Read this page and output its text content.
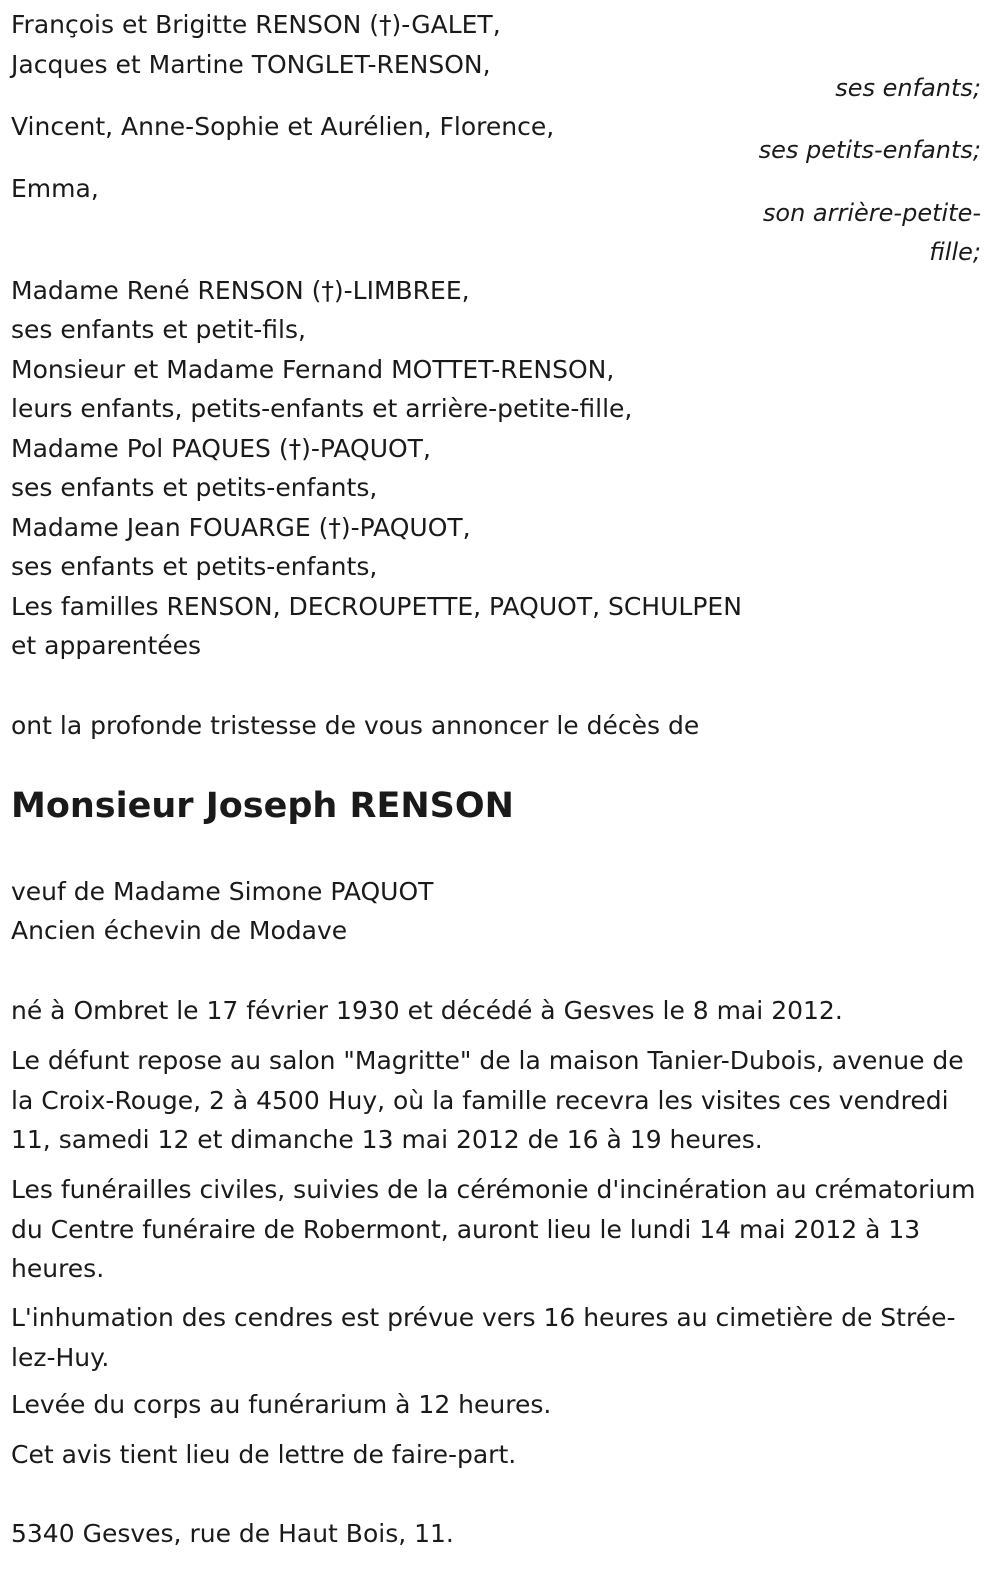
François et Brigitte RENSON (†)-GALET,
Jacques et Martine TONGLET-RENSON,
ses enfants;
Vincent, Anne-Sophie et Aurélien, Florence,
ses petits-enfants;
Emma,
son arrière-petite-
fille;
Madame René RENSON (†)-LIMBREE,
ses enfants et petit-fils,
Monsieur et Madame Fernand MOTTET-RENSON,
leurs enfants, petits-enfants et arrière-petite-fille,
Madame Pol PAQUES (†)-PAQUOT,
ses enfants et petits-enfants,
Madame Jean FOUARGE (†)-PAQUOT,
ses enfants et petits-enfants,
Les familles RENSON, DECROUPETTE, PAQUOT, SCHULPEN
et apparentées
ont la profonde tristesse de vous annoncer le décès de
Monsieur Joseph RENSON
veuf de Madame Simone PAQUOT
Ancien échevin de Modave
né à Ombret le 17 février 1930 et décédé à Gesves le 8 mai 2012.
Le défunt repose au salon "Magritte" de la maison Tanier-Dubois, avenue de la Croix-Rouge, 2 à 4500 Huy, où la famille recevra les visites ces vendredi 11, samedi 12 et dimanche 13 mai 2012 de 16 à 19 heures.
Les funérailles civiles, suivies de la cérémonie d'incinération au crématorium du Centre funéraire de Robermont, auront lieu le lundi 14 mai 2012 à 13 heures.
L'inhumation des cendres est prévue vers 16 heures au cimetière de Strée-lez-Huy.
Levée du corps au funérarium à 12 heures.
Cet avis tient lieu de lettre de faire-part.
5340 Gesves, rue de Haut Bois, 11.
